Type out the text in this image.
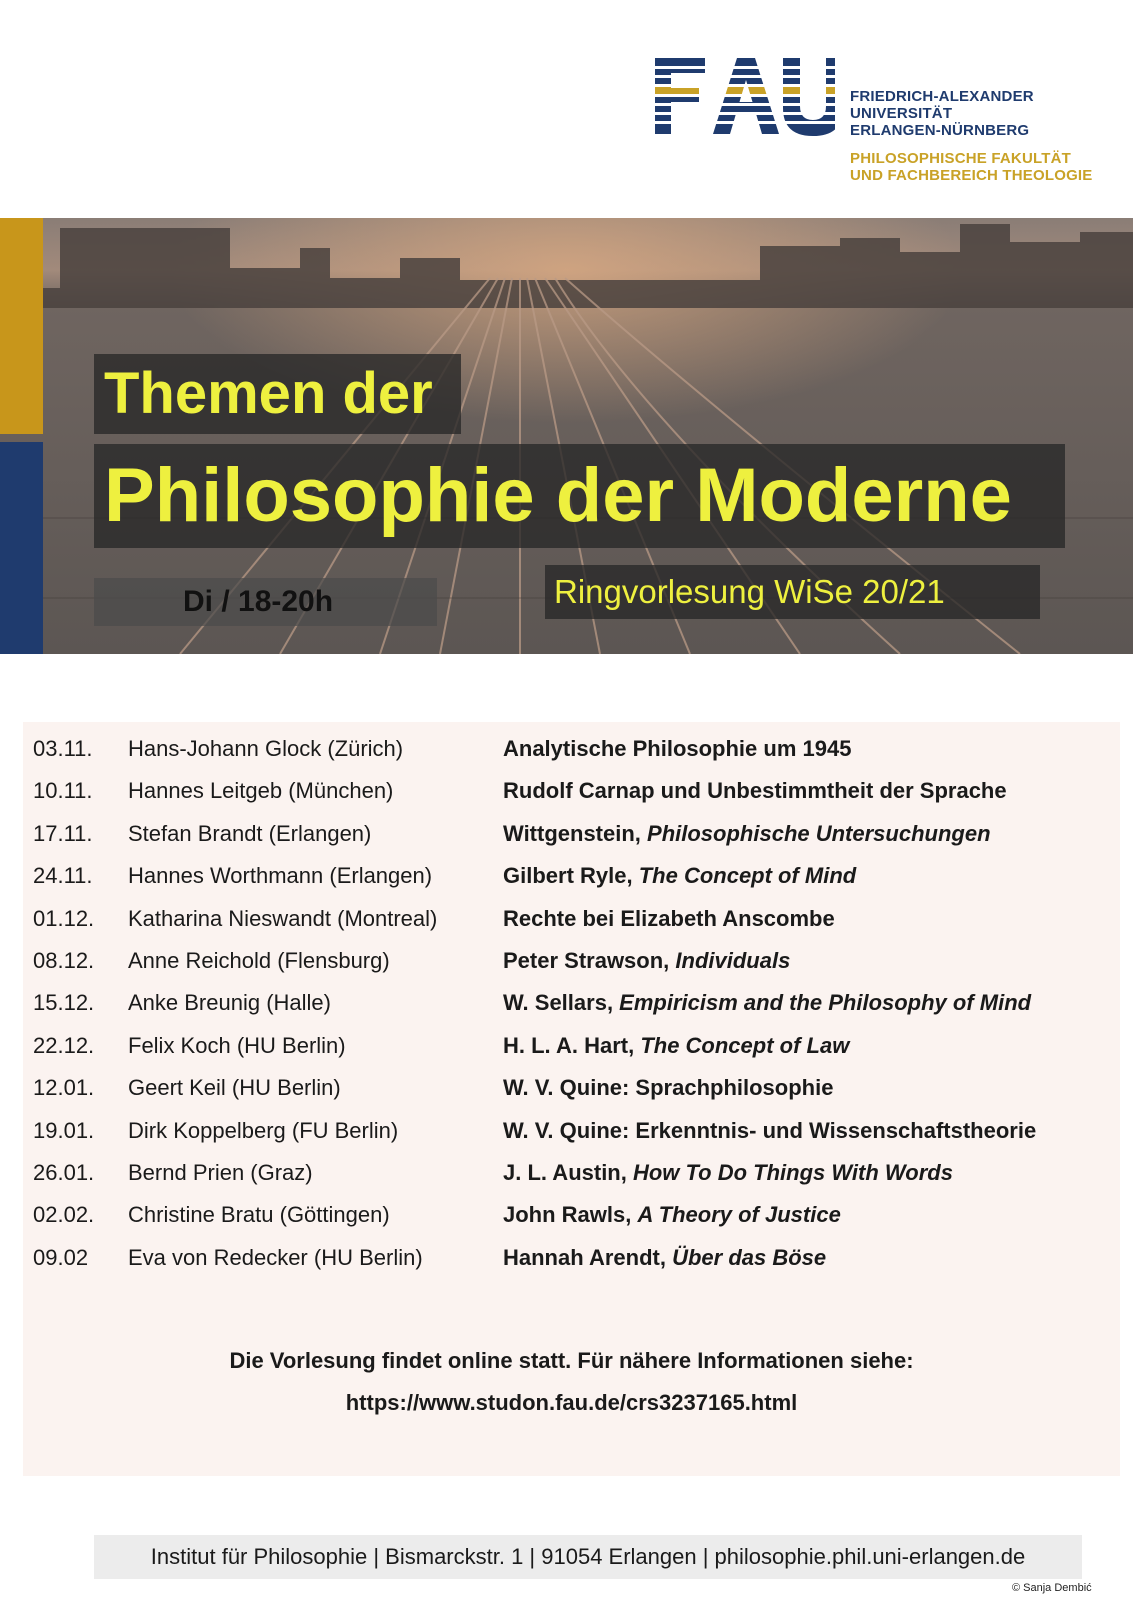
FRIEDRICH-ALEXANDER
UNIVERSITÄT
ERLANGEN-NÜRNBERG
PHILOSOPHISCHE FAKULTÄT
UND FACHBEREICH THEOLOGIE
Themen der
Philosophie der Moderne
Di / 18-20h	Ringvorlesung WiSe 20/21
03.11. Hans-Johann Glock (Zürich)	Analytische Philosophie um 1945
10.11. Hannes Leitgeb (München)	Rudolf Carnap und Unbestimmtheit der Sprache
17.11. Stefan Brandt (Erlangen)	Wittgenstein, Philosophische Untersuchungen
24.11. Hannes Worthmann (Erlangen)	Gilbert Ryle, The Concept of Mind
01.12. Katharina Nieswandt (Montreal)	Rechte bei Elizabeth Anscombe
08.12. Anne Reichold (Flensburg)	Peter Strawson, Individuals
15.12. Anke Breunig (Halle)	W. Sellars, Empiricism and the Philosophy of Mind
22.12. Felix Koch (HU Berlin)	H. L. A. Hart, The Concept of Law
12.01. Geert Keil (HU Berlin)	W. V. Quine: Sprachphilosophie
19.01. Dirk Koppelberg (FU Berlin)	W. V. Quine: Erkenntnis- und Wissenschaftstheorie
26.01. Bernd Prien (Graz)	J. L. Austin, How To Do Things With Words
02.02. Christine Bratu (Göttingen)	John Rawls, A Theory of Justice
09.02 Eva von Redecker (HU Berlin)	Hannah Arendt, Über das Böse
Die Vorlesung findet online statt. Für nähere Informationen siehe:
https://www.studon.fau.de/crs3237165.html
Institut für Philosophie | Bismarckstr. 1 | 91054 Erlangen | philosophie.phil.uni-erlangen.de
© Sanja Dembić
